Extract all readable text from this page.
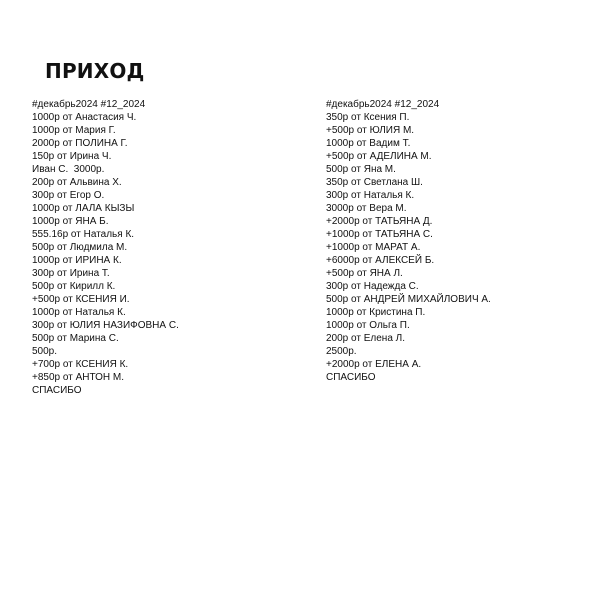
ПРИХОД
#декабрь2024 #12_2024
1000р от Анастасия Ч.
1000р от Мария Г.
2000р от ПОЛИНА Г.
150р от Ирина Ч.
Иван С.  3000р.
200р от Альвина Х.
300р от Егор О.
1000р от ЛАЛА КЫЗЫ
1000р от ЯНА Б.
555.16р от Наталья К.
500р от Людмила М.
1000р от ИРИНА К.
300р от Ирина Т.
500р от Кирилл К.
+500р от КСЕНИЯ И.
1000р от Наталья К.
300р от ЮЛИЯ НАЗИФОВНА С.
500р от Марина С.
500р.
+700р от КСЕНИЯ К.
+850р от АНТОН М.
СПАСИБО
#декабрь2024 #12_2024
350р от Ксения П.
+500р от ЮЛИЯ М.
1000р от Вадим Т.
+500р от АДЕЛИНА М.
500р от Яна М.
350р от Светлана Ш.
300р от Наталья К.
3000р от Вера М.
+2000р от ТАТЬЯНА Д.
+1000р от ТАТЬЯНА С.
+1000р от МАРАТ А.
+6000р от АЛЕКСЕЙ Б.
+500р от ЯНА Л.
300р от Надежда С.
500р от АНДРЕЙ МИХАЙЛОВИЧ А.
1000р от Кристина П.
1000р от Ольга П.
200р от Елена Л.
2500р.
+2000р от ЕЛЕНА А.
СПАСИБО
